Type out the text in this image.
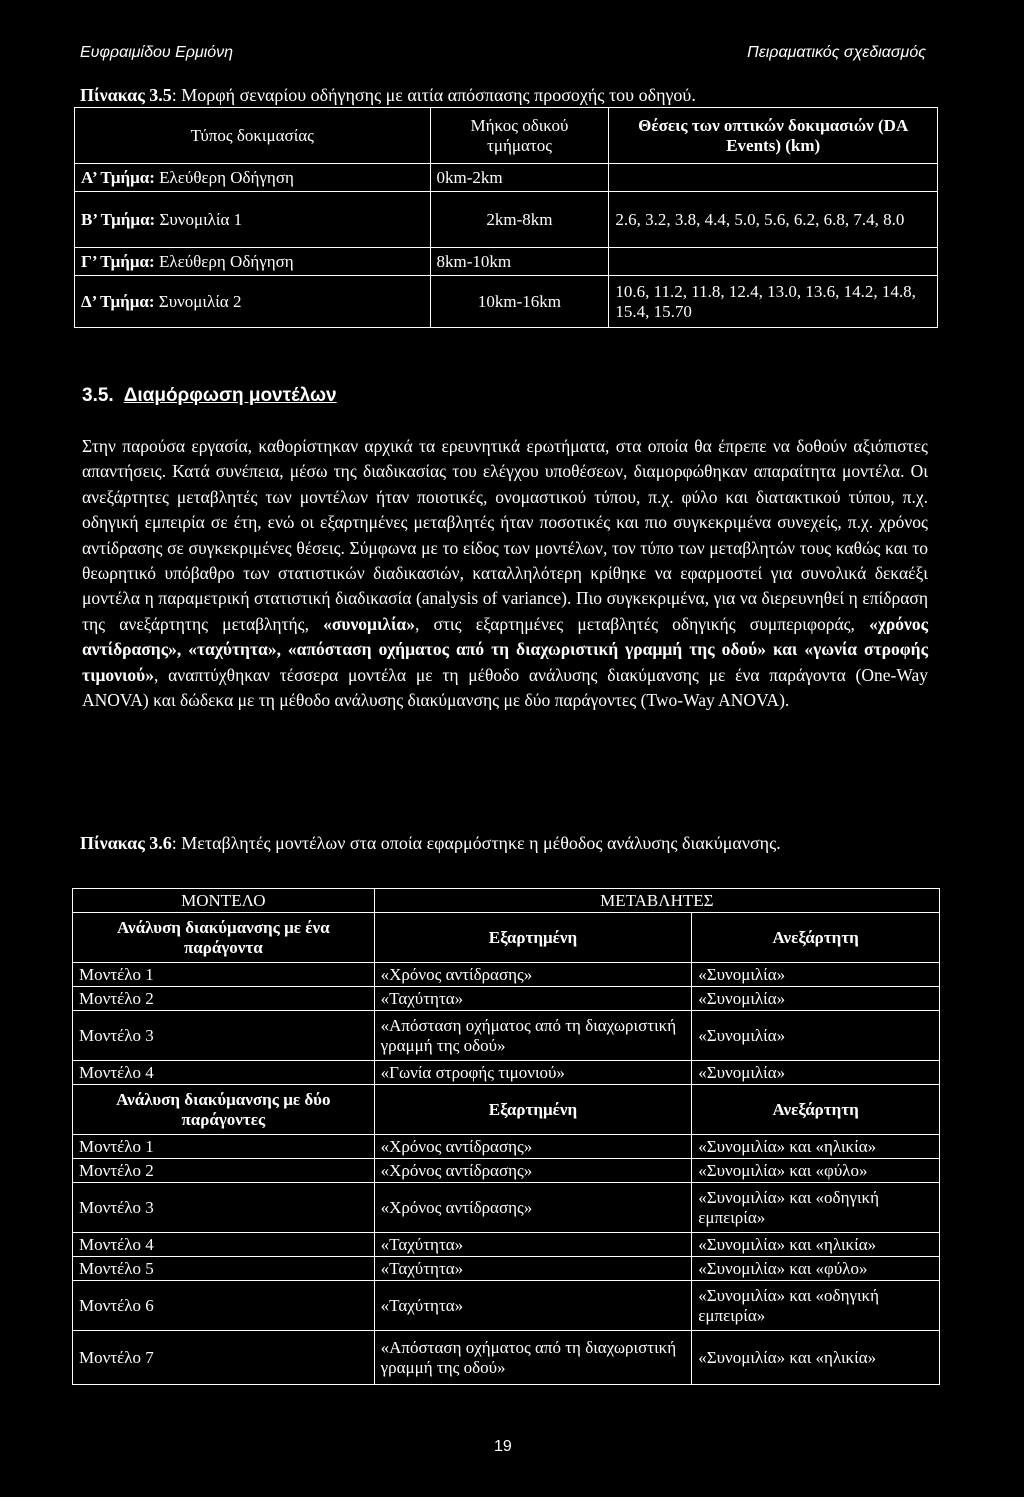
Ευφραιμίδου Ερμιόνη	Πειραματικός σχεδιασμός
Πίνακας 3.5: Μορφή σεναρίου οδήγησης με αιτία απόσπασης προσοχής του οδηγού.
Τύπος δοκιμασίας	Μήκος οδικού τμήματος	Θέσεις των οπτικών δοκιμασιών (DA Events) (km)
Α’ Τμήμα: Ελεύθερη Οδήγηση	0km-2km	
Β’ Τμήμα: Συνομιλία 1	2km-8km	2.6, 3.2, 3.8, 4.4, 5.0, 5.6, 6.2, 6.8, 7.4, 8.0
Γ’ Τμήμα: Ελεύθερη Οδήγηση	8km-10km	
Δ’ Τμήμα: Συνομιλία 2	10km-16km	10.6, 11.2, 11.8, 12.4, 13.0, 13.6, 14.2, 14.8, 15.4, 15.70
3.5. Διαμόρφωση μοντέλων
Στην παρούσα εργασία, καθορίστηκαν αρχικά τα ερευνητικά ερωτήματα, στα οποία θα έπρεπε να δοθούν αξιόπιστες απαντήσεις. Κατά συνέπεια, μέσω της διαδικασίας του ελέγχου υποθέσεων, διαμορφώθηκαν απαραίτητα μοντέλα. Οι ανεξάρτητες μεταβλητές των μοντέλων ήταν ποιοτικές, ονομαστικού τύπου, π.χ. φύλο και διατακτικού τύπου, π.χ. οδηγική εμπειρία σε έτη, ενώ οι εξαρτημένες μεταβλητές ήταν ποσοτικές και πιο συγκεκριμένα συνεχείς, π.χ. χρόνος αντίδρασης σε συγκεκριμένες θέσεις. Σύμφωνα με το είδος των μοντέλων, τον τύπο των μεταβλητών τους καθώς και το θεωρητικό υπόβαθρο των στατιστικών διαδικασιών, καταλληλότερη κρίθηκε να εφαρμοστεί για συνολικά δεκαέξι μοντέλα η παραμετρική στατιστική διαδικασία (analysis of variance). Πιο συγκεκριμένα, για να διερευνηθεί η επίδραση της ανεξάρτητης μεταβλητής, «συνομιλία», στις εξαρτημένες μεταβλητές οδηγικής συμπεριφοράς, «χρόνος αντίδρασης», «ταχύτητα», «απόσταση οχήματος από τη διαχωριστική γραμμή της οδού» και «γωνία στροφής τιμονιού», αναπτύχθηκαν τέσσερα μοντέλα με τη μέθοδο ανάλυσης διακύμανσης με ένα παράγοντα (One-Way ANOVA) και δώδεκα με τη μέθοδο ανάλυσης διακύμανσης με δύο παράγοντες (Two-Way ANOVA).
Πίνακας 3.6: Μεταβλητές μοντέλων στα οποία εφαρμόστηκε η μέθοδος ανάλυσης διακύμανσης.
ΜΟΝΤΕΛΟ	ΜΕΤΑΒΛΗΤΕΣ	
Ανάλυση διακύμανσης με ένα παράγοντα	Εξαρτημένη	Ανεξάρτητη
Μοντέλο 1	«Χρόνος αντίδρασης»	«Συνομιλία»
Μοντέλο 2	«Ταχύτητα»	«Συνομιλία»
Μοντέλο 3	«Απόσταση οχήματος από τη διαχωριστική γραμμή της οδού»	«Συνομιλία»
Μοντέλο 4	«Γωνία στροφής τιμονιού»	«Συνομιλία»
Ανάλυση διακύμανσης με δύο παράγοντες	Εξαρτημένη	Ανεξάρτητη
Μοντέλο 1	«Χρόνος αντίδρασης»	«Συνομιλία» και «ηλικία»
Μοντέλο 2	«Χρόνος αντίδρασης»	«Συνομιλία» και «φύλο»
Μοντέλο 3	«Χρόνος αντίδρασης»	«Συνομιλία» και «οδηγική εμπειρία»
Μοντέλο 4	«Ταχύτητα»	«Συνομιλία» και «ηλικία»
Μοντέλο 5	«Ταχύτητα»	«Συνομιλία» και «φύλο»
Μοντέλο 6	«Ταχύτητα»	«Συνομιλία» και «οδηγική εμπειρία»
Μοντέλο 7	«Απόσταση οχήματος από τη διαχωριστική γραμμή της οδού»	«Συνομιλία» και «ηλικία»
19
